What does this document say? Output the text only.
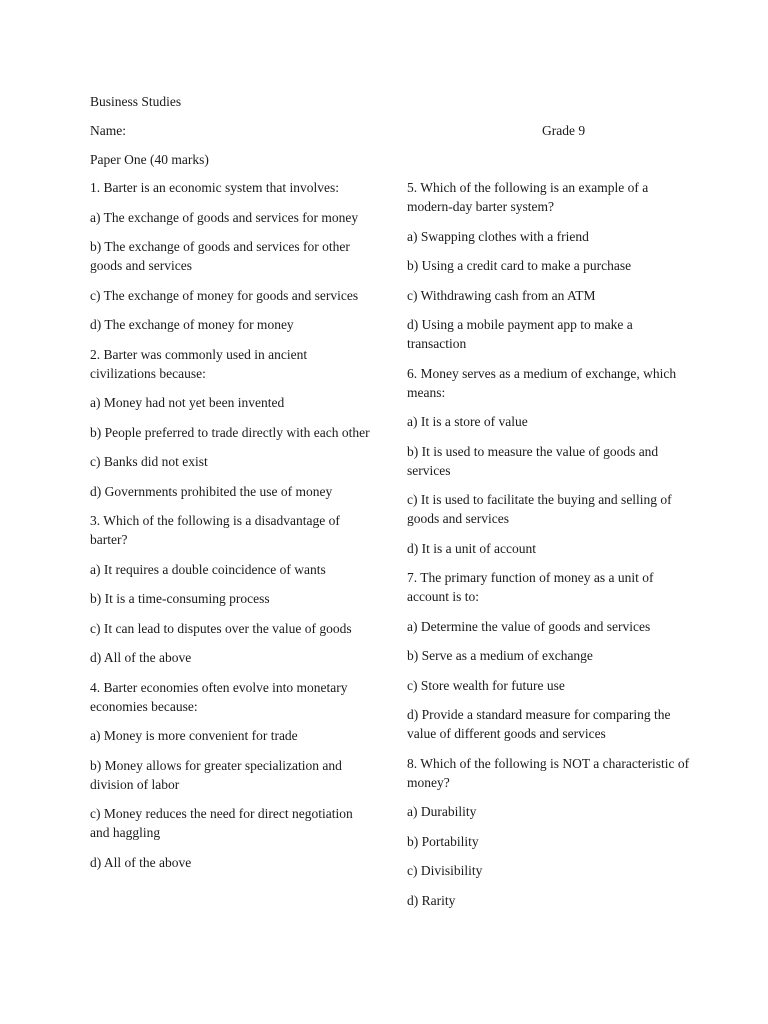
Business Studies
Name:	Grade 9
Paper One (40 marks)

1. Barter is an economic system that involves:

a) The exchange of goods and services for money

b) The exchange of goods and services for other goods and services

c) The exchange of money for goods and services

d) The exchange of money for money

2. Barter was commonly used in ancient civilizations because:

a) Money had not yet been invented

b) People preferred to trade directly with each other

c) Banks did not exist

d) Governments prohibited the use of money

3. Which of the following is a disadvantage of barter?

a) It requires a double coincidence of wants

b) It is a time-consuming process

c) It can lead to disputes over the value of goods

d) All of the above

4. Barter economies often evolve into monetary economies because:

a) Money is more convenient for trade

b) Money allows for greater specialization and division of labor

c) Money reduces the need for direct negotiation and haggling

d) All of the above

5. Which of the following is an example of a modern-day barter system?

a) Swapping clothes with a friend

b) Using a credit card to make a purchase

c) Withdrawing cash from an ATM

d) Using a mobile payment app to make a transaction

6. Money serves as a medium of exchange, which means:

a) It is a store of value

b) It is used to measure the value of goods and services

c) It is used to facilitate the buying and selling of goods and services

d) It is a unit of account

7. The primary function of money as a unit of account is to:

a) Determine the value of goods and services

b) Serve as a medium of exchange

c) Store wealth for future use

d) Provide a standard measure for comparing the value of different goods and services

8. Which of the following is NOT a characteristic of money?

a) Durability

b) Portability

c) Divisibility

d) Rarity
